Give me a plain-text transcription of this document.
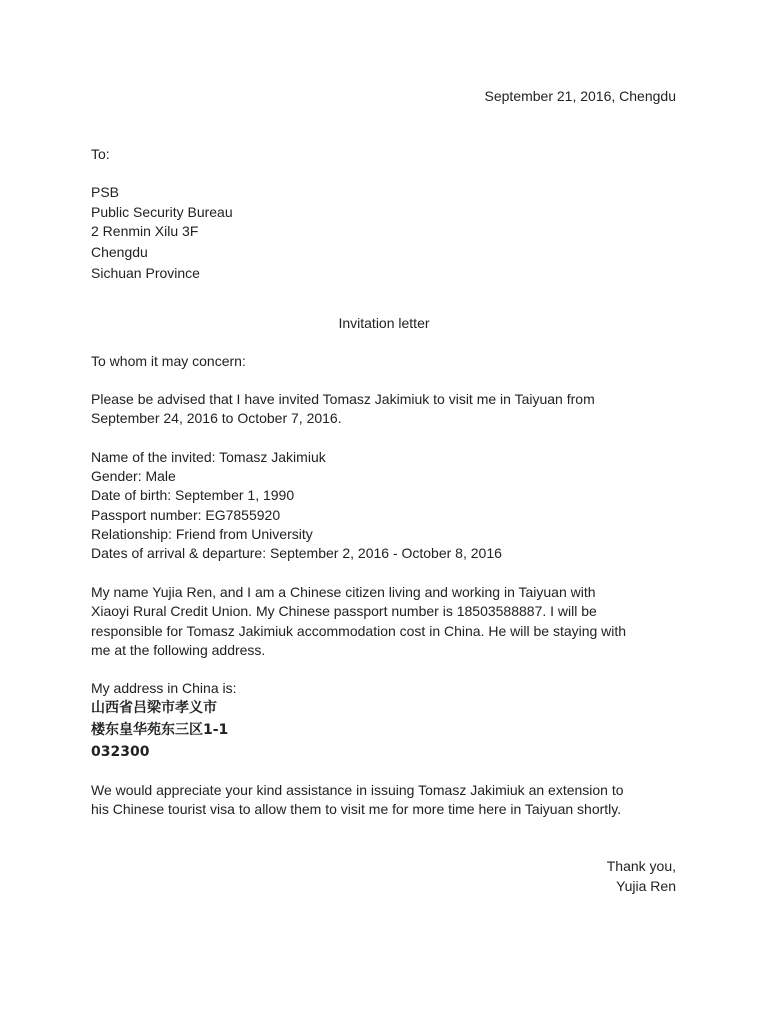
September 21, 2016, Chengdu
To:
PSB
Public Security Bureau
2 Renmin Xilu 3F
Chengdu
Sichuan Province
Invitation letter
To whom it may concern:
Please be advised that I have invited Tomasz Jakimiuk to visit me in Taiyuan from
September 24, 2016 to October 7, 2016.
Name of the invited: Tomasz Jakimiuk
Gender: Male
Date of birth: September 1, 1990
Passport number: EG7855920
Relationship: Friend from University
Dates of arrival & departure: September 2, 2016 - October 8, 2016
My name Yujia Ren, and I am a Chinese citizen living and working in Taiyuan with
Xiaoyi Rural Credit Union. My Chinese passport number is 18503588887. I will be
responsible for Tomasz Jakimiuk accommodation cost in China. He will be staying with
me at the following address.
My address in China is:
山西省吕梁市孝义市
楼东皇华苑东三区1-1
032300
We would appreciate your kind assistance in issuing Tomasz Jakimiuk an extension to
his Chinese tourist visa to allow them to visit me for more time here in Taiyuan shortly.
Thank you,
Yujia Ren
